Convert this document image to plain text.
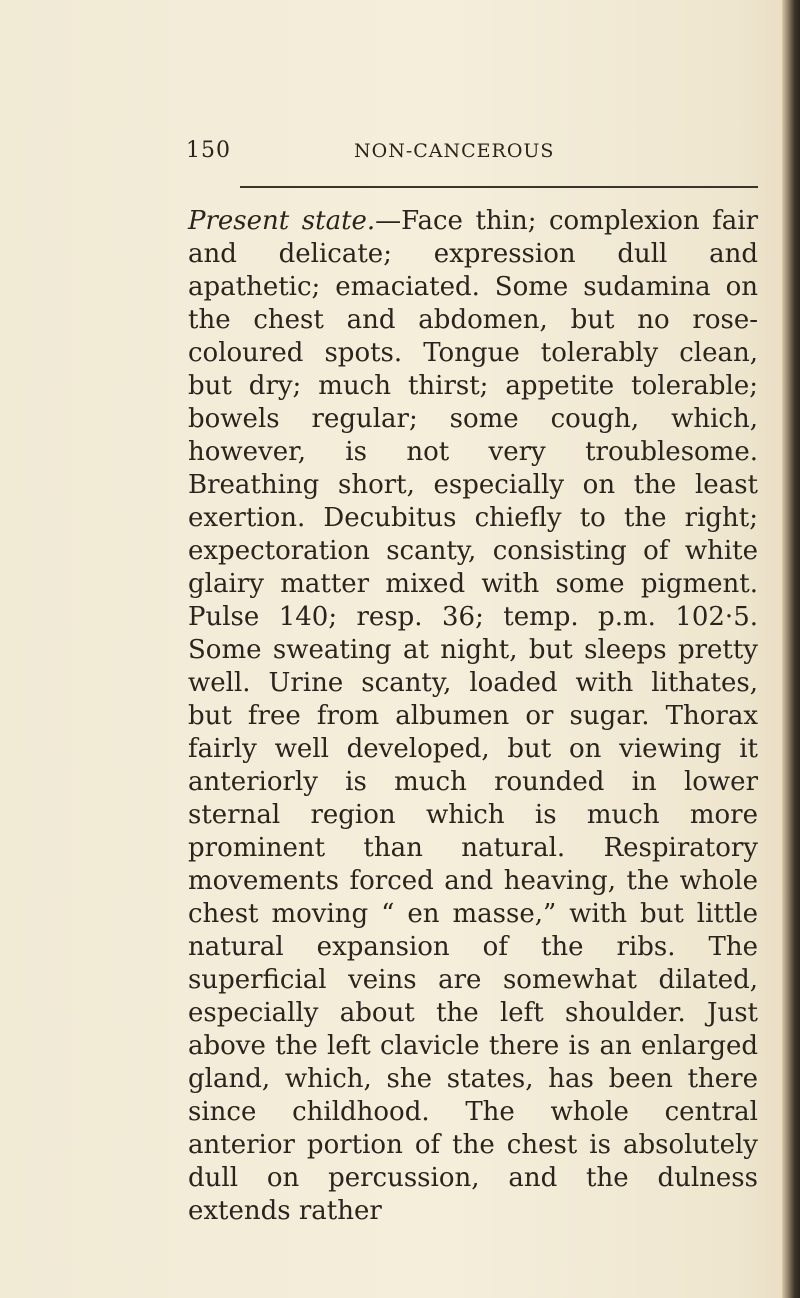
150	NON-CANCEROUS

Present state.—Face thin; complexion fair and delicate; expression dull and apathetic; emaciated. Some sudamina on the chest and abdomen, but no rose-coloured spots. Tongue tolerably clean, but dry; much thirst; appetite tolerable; bowels regular; some cough, which, however, is not very troublesome. Breathing short, especially on the least exertion. Decubitus chiefly to the right; expectoration scanty, consisting of white glairy matter mixed with some pigment. Pulse 140; resp. 36; temp. p.m. 102·5. Some sweating at night, but sleeps pretty well. Urine scanty, loaded with lithates, but free from albumen or sugar. Thorax fairly well developed, but on viewing it anteriorly is much rounded in lower sternal region which is much more prominent than natural. Respiratory movements forced and heaving, the whole chest moving “ en masse,” with but little natural expansion of the ribs. The superficial veins are somewhat dilated, especially about the left shoulder. Just above the left clavicle there is an enlarged gland, which, she states, has been there since childhood. The whole central anterior portion of the chest is absolutely dull on percussion, and the dulness extends rather
